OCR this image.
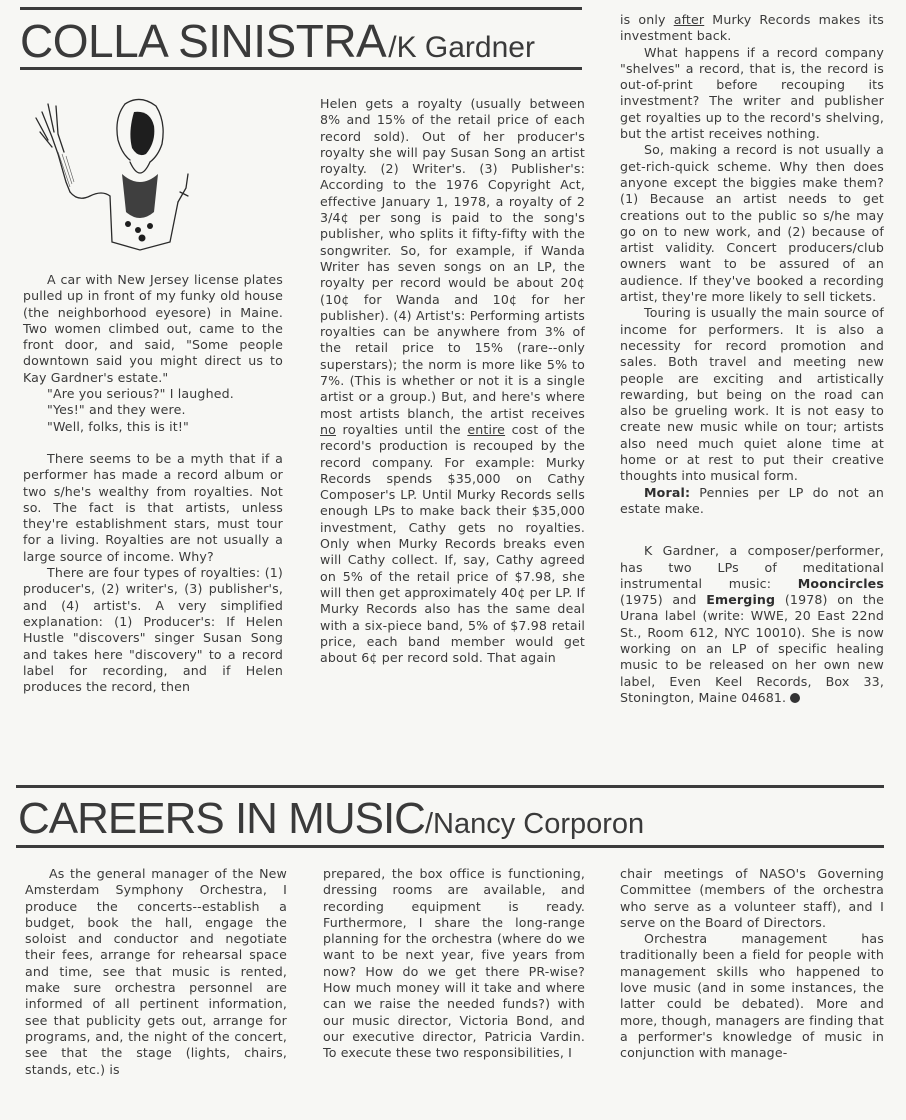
COLLA SINISTRA/K Gardner

A car with New Jersey license plates pulled up in front of my funky old house (the neighborhood eyesore) in Maine. Two women climbed out, came to the front door, and said, "Some people downtown said you might direct us to Kay Gardner's estate."

"Are you serious?" I laughed.

"Yes!" and they were.

"Well, folks, this is it!"

There seems to be a myth that if a performer has made a record album or two s/he's wealthy from royalties. Not so. The fact is that artists, unless they're establishment stars, must tour for a living. Royalties are not usually a large source of income. Why?

There are four types of royalties: (1) producer's, (2) writer's, (3) publisher's, and (4) artist's. A very simplified explanation: (1) Producer's: If Helen Hustle "discovers" singer Susan Song and takes here "discovery" to a record label for recording, and if Helen produces the record, then

Helen gets a royalty (usually between 8% and 15% of the retail price of each record sold). Out of her producer's royalty she will pay Susan Song an artist royalty. (2) Writer's. (3) Publisher's: According to the 1976 Copyright Act, effective January 1, 1978, a royalty of 2 3/4¢ per song is paid to the song's publisher, who splits it fifty-fifty with the songwriter. So, for example, if Wanda Writer has seven songs on an LP, the royalty per record would be about 20¢ (10¢ for Wanda and 10¢ for her publisher). (4) Artist's: Performing artists royalties can be anywhere from 3% of the retail price to 15% (rare--only superstars); the norm is more like 5% to 7%. (This is whether or not it is a single artist or a group.) But, and here's where most artists blanch, the artist receives no royalties until the entire cost of the record's production is recouped by the record company. For example: Murky Records spends $35,000 on Cathy Composer's LP. Until Murky Records sells enough LPs to make back their $35,000 investment, Cathy gets no royalties. Only when Murky Records breaks even will Cathy collect. If, say, Cathy agreed on 5% of the retail price of $7.98, she will then get approximately 40¢ per LP. If Murky Records also has the same deal with a six-piece band, 5% of $7.98 retail price, each band member would get about 6¢ per record sold. That again

is only after Murky Records makes its investment back.

What happens if a record company "shelves" a record, that is, the record is out-of-print before recouping its investment? The writer and publisher get royalties up to the record's shelving, but the artist receives nothing.

So, making a record is not usually a get-rich-quick scheme. Why then does anyone except the biggies make them? (1) Because an artist needs to get creations out to the public so s/he may go on to new work, and (2) because of artist validity. Concert producers/club owners want to be assured of an audience. If they've booked a recording artist, they're more likely to sell tickets.

Touring is usually the main source of income for performers. It is also a necessity for record promotion and sales. Both travel and meeting new people are exciting and artistically rewarding, but being on the road can also be grueling work. It is not easy to create new music while on tour; artists also need much quiet alone time at home or at rest to put their creative thoughts into musical form.

Moral: Pennies per LP do not an estate make.

K Gardner, a composer/performer, has two LPs of meditational instrumental music: Mooncircles (1975) and Emerging (1978) on the Urana label (write: WWE, 20 East 22nd St., Room 612, NYC 10010). She is now working on an LP of specific healing music to be released on her own new label, Even Keel Records, Box 33, Stonington, Maine 04681.

CAREERS IN MUSIC/Nancy Corporon

As the general manager of the New Amsterdam Symphony Orchestra, I produce the concerts--establish a budget, book the hall, engage the soloist and conductor and negotiate their fees, arrange for rehearsal space and time, see that music is rented, make sure orchestra personnel are informed of all pertinent information, see that publicity gets out, arrange for programs, and, the night of the concert, see that the stage (lights, chairs, stands, etc.) is

prepared, the box office is functioning, dressing rooms are available, and recording equipment is ready. Furthermore, I share the long-range planning for the orchestra (where do we want to be next year, five years from now? How do we get there PR-wise? How much money will it take and where can we raise the needed funds?) with our music director, Victoria Bond, and our executive director, Patricia Vardin. To execute these two responsibilities, I

chair meetings of NASO's Governing Committee (members of the orchestra who serve as a volunteer staff), and I serve on the Board of Directors.

Orchestra management has traditionally been a field for people with management skills who happened to love music (and in some instances, the latter could be debated). More and more, though, managers are finding that a performer's knowledge of music in conjunction with manage-
